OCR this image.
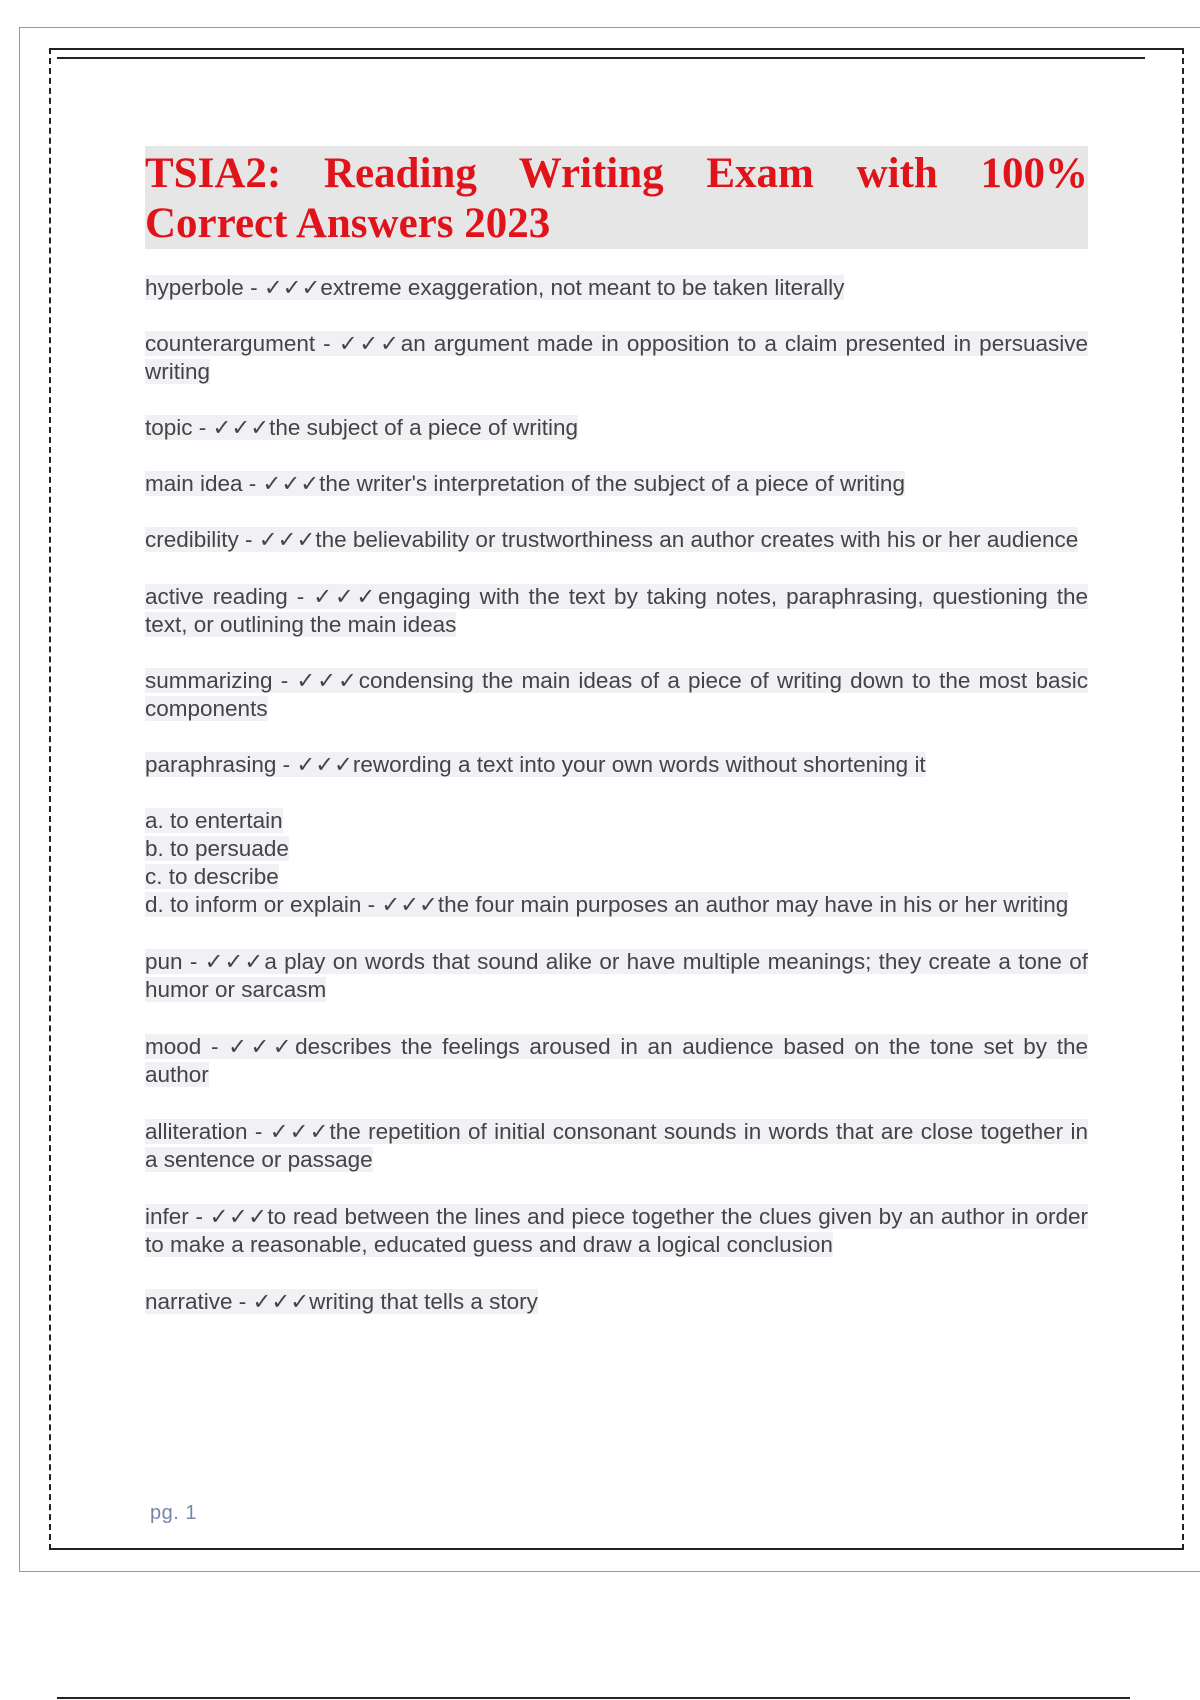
TSIA2: Reading Writing Exam with 100%

Correct Answers 2023

hyperbole - ✓✓✓extreme exaggeration, not meant to be taken literally

counterargument - ✓✓✓an argument made in opposition to a claim presented in persuasive writing

topic - ✓✓✓the subject of a piece of writing

main idea - ✓✓✓the writer's interpretation of the subject of a piece of writing

credibility - ✓✓✓the believability or trustworthiness an author creates with his or her audience

active reading - ✓✓✓engaging with the text by taking notes, paraphrasing, questioning the text, or outlining the main ideas

summarizing - ✓✓✓condensing the main ideas of a piece of writing down to the most basic components

paraphrasing - ✓✓✓rewording a text into your own words without shortening it

a. to entertain

b. to persuade

c. to describe

d. to inform or explain - ✓✓✓the four main purposes an author may have in his or her writing

pun - ✓✓✓a play on words that sound alike or have multiple meanings; they create a tone of humor or sarcasm

mood - ✓✓✓describes the feelings aroused in an audience based on the tone set by the author

alliteration - ✓✓✓the repetition of initial consonant sounds in words that are close together in a sentence or passage

infer - ✓✓✓to read between the lines and piece together the clues given by an author in order to make a reasonable, educated guess and draw a logical conclusion

narrative - ✓✓✓writing that tells a story

pg. 1
